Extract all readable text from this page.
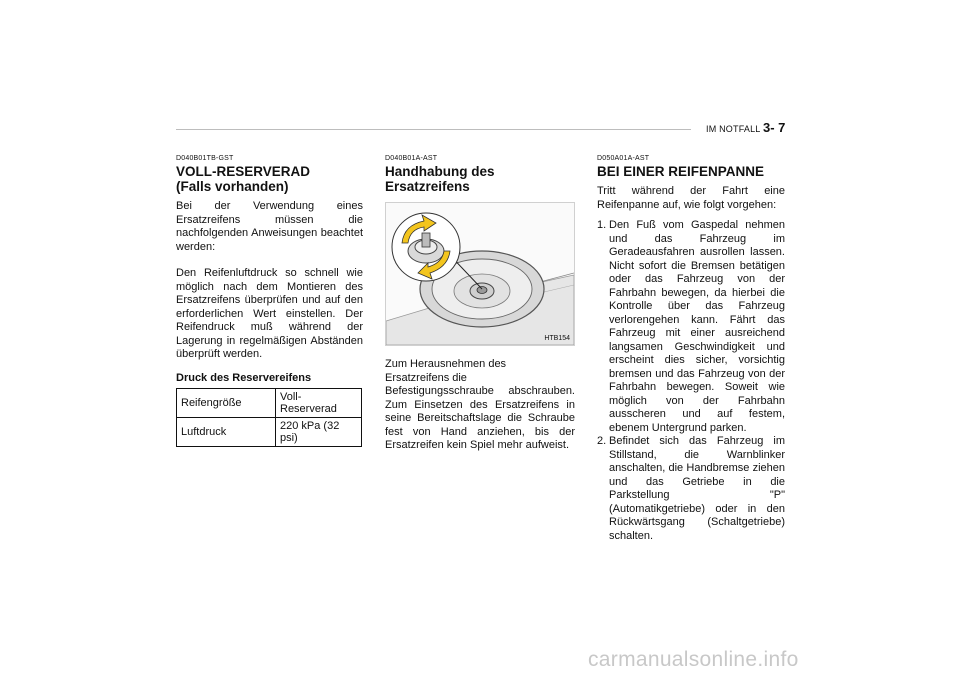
IM NOTFALL 3- 7
D040B01TB-GST
VOLL-RESERVERAD
(Falls vorhanden)

Bei der Verwendung eines Ersatzreifens müssen die nachfolgenden Anweisungen beachtet werden:

Den Reifenluftdruck so schnell wie möglich nach dem Montieren des Ersatzreifens überprüfen und auf den erforderlichen Wert einstellen. Der Reifendruck muß während der Lagerung in regelmäßigen Abständen überprüft werden.

Druck des Reservereifens
Reifengröße	Voll-Reserverad
Luftdruck	220 kPa (32 psi)
D040B01A-AST
Handhabung des Ersatzreifens
HTB154

Zum Herausnehmen des
Ersatzreifens die
Befestigungsschraube abschrauben. Zum Einsetzen des Ersatzreifens in seine Bereitschaftslage die Schraube fest von Hand anziehen, bis der Ersatzreifen kein Spiel mehr aufweist.

D050A01A-AST
BEI EINER REIFENPANNE

Tritt während der Fahrt eine Reifenpanne auf, wie folgt vorgehen:

1. Den Fuß vom Gaspedal nehmen und das Fahrzeug im Geradeausfahren ausrollen lassen. Nicht sofort die Bremsen betätigen oder das Fahrzeug von der Fahrbahn bewegen, da hierbei die Kontrolle über das Fahrzeug verlorengehen kann. Fährt das Fahrzeug mit einer ausreichend langsamen Geschwindigkeit und erscheint dies sicher, vorsichtig bremsen und das Fahrzeug von der Fahrbahn bewegen. Soweit wie möglich von der Fahrbahn ausscheren und auf festem, ebenem Untergrund parken.
2. Befindet sich das Fahrzeug im Stillstand, die Warnblinker anschalten, die Handbremse ziehen und das Getriebe in die Parkstellung "P" (Automatikgetriebe) oder in den Rückwärtsgang (Schaltgetriebe) schalten.
carmanualsonline.info
